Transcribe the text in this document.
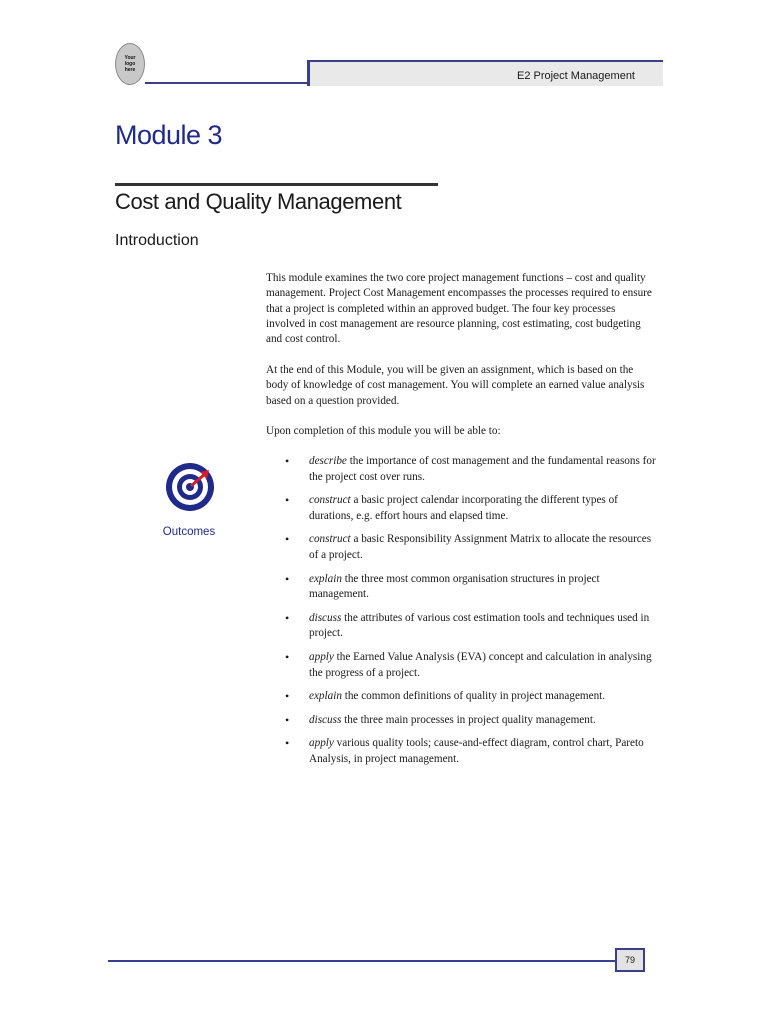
Your
logo
here	E2 Project Management
Module 3
Cost and Quality Management
Introduction

This module examines the two core project management functions – cost and quality management. Project Cost Management encompasses the processes required to ensure that a project is completed within an approved budget. The four key processes involved in cost management are resource planning, cost estimating, cost budgeting and cost control.

At the end of this Module, you will be given an assignment, which is based on the body of knowledge of cost management. You will complete an earned value analysis based on a question provided.

Upon completion of this module you will be able to:

Outcomes
• describe the importance of cost management and the fundamental reasons for the project cost over runs.
• construct a basic project calendar incorporating the different types of durations, e.g. effort hours and elapsed time.
• construct a basic Responsibility Assignment Matrix to allocate the resources of a project.
• explain the three most common organisation structures in project management.
• discuss the attributes of various cost estimation tools and techniques used in project.
• apply the Earned Value Analysis (EVA) concept and calculation in analysing the progress of a project.
• explain the common definitions of quality in project management.
• discuss the three main processes in project quality management.
• apply various quality tools; cause-and-effect diagram, control chart, Pareto Analysis, in project management.
79
